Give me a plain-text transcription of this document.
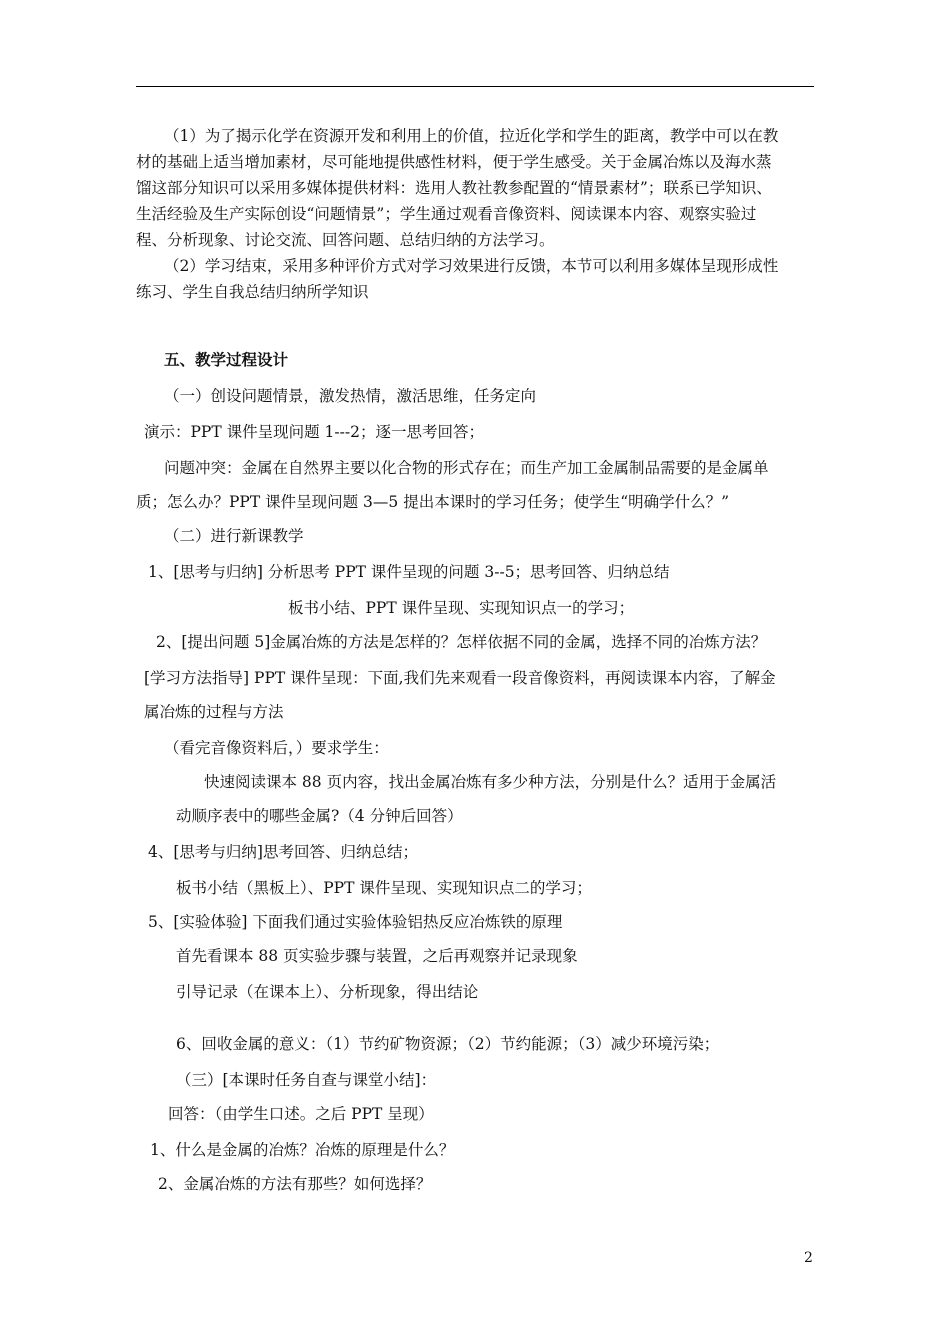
（1）为了揭示化学在资源开发和利用上的价值，拉近化学和学生的距离，教学中可以在教
材的基础上适当增加素材，尽可能地提供感性材料，便于学生感受。关于金属冶炼以及海水蒸
馏这部分知识可以采用多媒体提供材料：选用人教社教参配置的“情景素材”；联系已学知识、
生活经验及生产实际创设“问题情景”；学生通过观看音像资料、阅读课本内容、观察实验过
程、分析现象、讨论交流、回答问题、总结归纳的方法学习。
（2）学习结束，采用多种评价方式对学习效果进行反馈，本节可以利用多媒体呈现形成性
练习、学生自我总结归纳所学知识
五、教学过程设计
（一）创设问题情景，激发热情，激活思维，任务定向
演示：PPT 课件呈现问题 1---2；逐一思考回答；
问题冲突：金属在自然界主要以化合物的形式存在；而生产加工金属制品需要的是金属单
质；怎么办？PPT 课件呈现问题 3—5 提出本课时的学习任务；使学生“明确学什么？”
（二）进行新课教学
1、[思考与归纳] 分析思考 PPT 课件呈现的问题 3--5；思考回答、归纳总结
板书小结、PPT 课件呈现、实现知识点一的学习；
2、[提出问题 5]金属冶炼的方法是怎样的？怎样依据不同的金属，选择不同的冶炼方法？
[学习方法指导] PPT 课件呈现：下面,我们先来观看一段音像资料，再阅读课本内容，了解金
属冶炼的过程与方法
（看完音像资料后，）要求学生：
快速阅读课本 88 页内容，找出金属冶炼有多少种方法，分别是什么？适用于金属活
动顺序表中的哪些金属?（4 分钟后回答）
4、[思考与归纳]思考回答、归纳总结；
板书小结（黑板上）、PPT 课件呈现、实现知识点二的学习；
5、[实验体验] 下面我们通过实验体验铝热反应冶炼铁的原理
首先看课本 88 页实验步骤与装置，之后再观察并记录现象
引导记录（在课本上）、分析现象，得出结论
6、回收金属的意义：（1）节约矿物资源；（2）节约能源；（3）减少环境污染；
（三）[本课时任务自查与课堂小结]：
回答：（由学生口述。之后 PPT 呈现）
1、什么是金属的冶炼？冶炼的原理是什么？
2、金属冶炼的方法有那些？如何选择？
2
